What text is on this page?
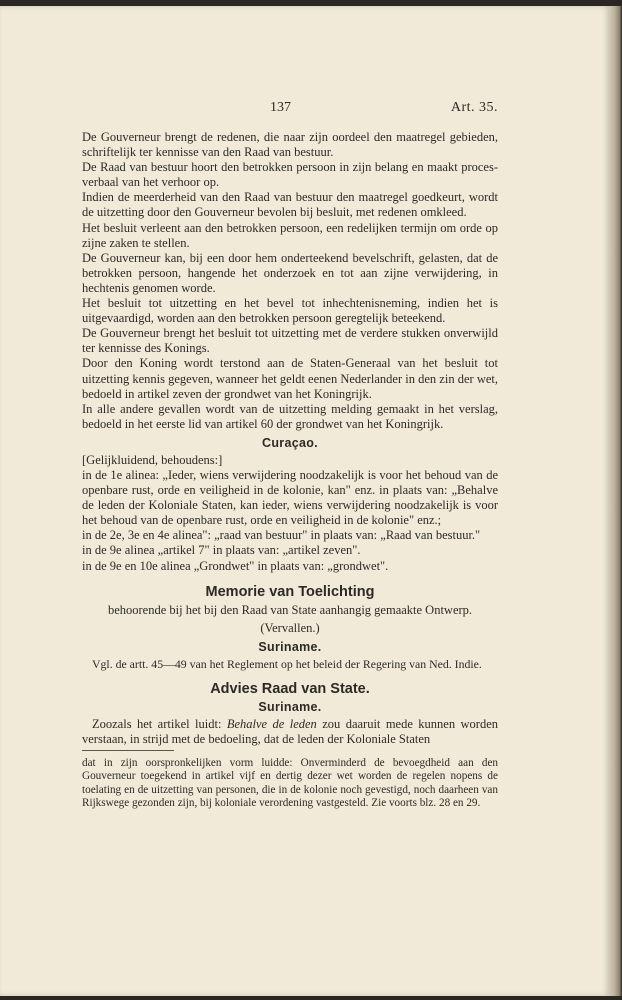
137	Art. 35.

De Gouverneur brengt de redenen, die naar zijn oordeel den maatregel gebieden, schriftelijk ter kennisse van den Raad van bestuur.

De Raad van bestuur hoort den betrokken persoon in zijn belang en maakt proces-verbaal van het verhoor op.

Indien de meerderheid van den Raad van bestuur den maatregel goedkeurt, wordt de uitzetting door den Gouverneur bevolen bij besluit, met redenen omkleed.

Het besluit verleent aan den betrokken persoon, een redelijken termijn om orde op zijne zaken te stellen.

De Gouverneur kan, bij een door hem onderteekend bevelschrift, gelasten, dat de betrokken persoon, hangende het onderzoek en tot aan zijne verwijdering, in hechtenis genomen worde.

Het besluit tot uitzetting en het bevel tot inhechtenisneming, indien het is uitgevaardigd, worden aan den betrokken persoon geregtelijk beteekend.

De Gouverneur brengt het besluit tot uitzetting met de verdere stukken onverwijld ter kennisse des Konings.

Door den Koning wordt terstond aan de Staten-Generaal van het besluit tot uitzetting kennis gegeven, wanneer het geldt eenen Nederlander in den zin der wet, bedoeld in artikel zeven der grondwet van het Koningrijk.

In alle andere gevallen wordt van de uitzetting melding gemaakt in het verslag, bedoeld in het eerste lid van artikel 60 der grondwet van het Koningrijk.

Curaçao.

[Gelijkluidend, behoudens:]

in de 1e alinea: „Ieder, wiens verwijdering noodzakelijk is voor het behoud van de openbare rust, orde en veiligheid in de kolonie, kan" enz. in plaats van: „Behalve de leden der Koloniale Staten, kan ieder, wiens verwijdering noodzakelijk is voor het behoud van de openbare rust, orde en veiligheid in de kolonie" enz.;

in de 2e, 3e en 4e alinea": „raad van bestuur" in plaats van: „Raad van bestuur."

in de 9e alinea „artikel 7" in plaats van: „artikel zeven".

in de 9e en 10e alinea „Grondwet" in plaats van: „grondwet".

Memorie van Toelichting

behoorende bij het bij den Raad van State aanhangig gemaakte Ontwerp.

(Vervallen.)

Suriname.

Vgl. de artt. 45—49 van het Reglement op het beleid der Regering van Ned. Indie.

Advies Raad van State.
Suriname.

Zoozals het artikel luidt: Behalve de leden zou daaruit mede kunnen worden verstaan, in strijd met de bedoeling, dat de leden der Koloniale Staten

dat in zijn oorspronkelijken vorm luidde: Onverminderd de bevoegdheid aan den Gouverneur toegekend in artikel vijf en dertig dezer wet worden de regelen nopens de toelating en de uitzetting van personen, die in de kolonie noch gevestigd, noch daarheen van Rijkswege gezonden zijn, bij koloniale verordening vastgesteld. Zie voorts blz. 28 en 29.
